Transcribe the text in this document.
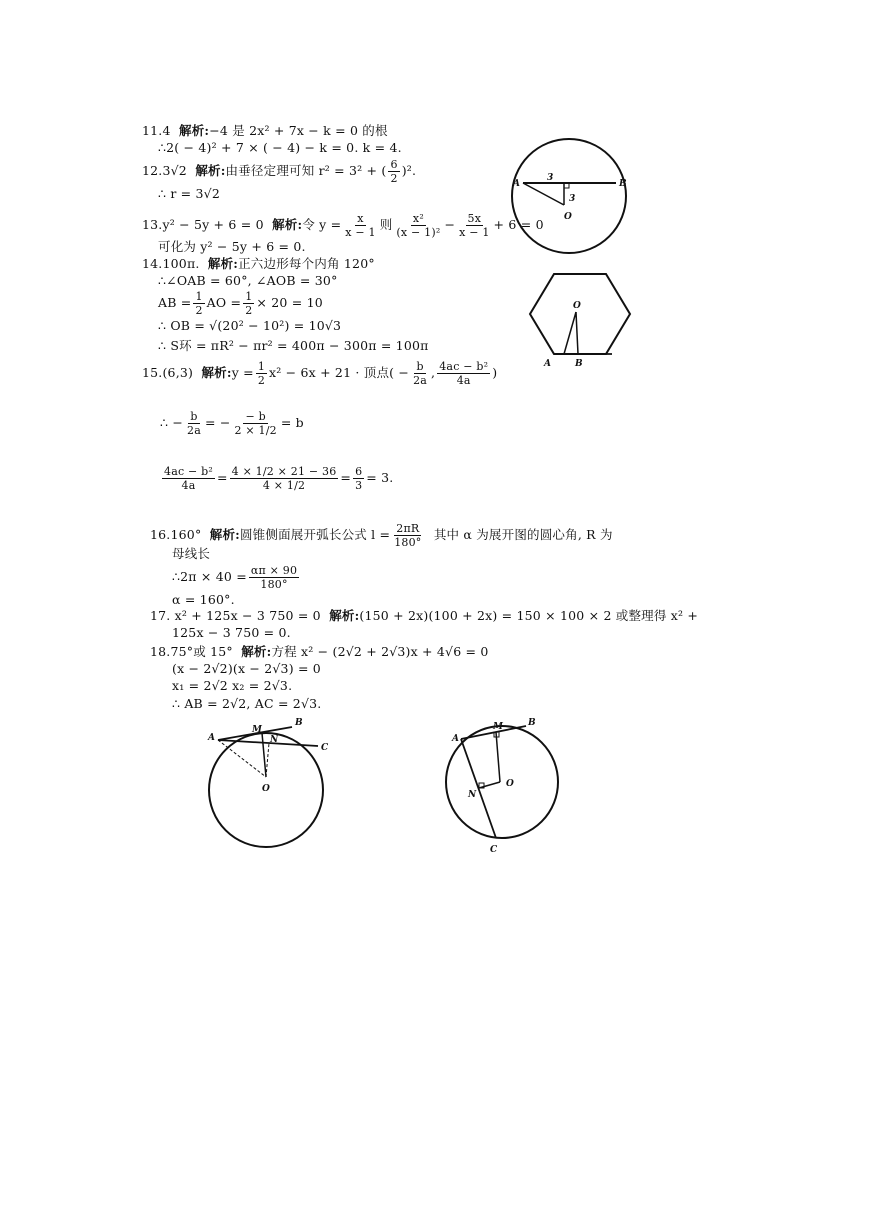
11.4 解析:−4 是 2x² + 7x − k = 0 的根
∴2( − 4)² + 7 × ( − 4) − k = 0. k = 4.
12.3√2 解析:由垂径定理可知 r² = 3² + ( $\frac{6}{2} )^2$.
∴ r = 3√2
13.y² − 5y + 6 = 0 解析:令 $y = \frac{x}{x - 1}$ 则 $\frac{\text{x²}}{\text{(x − 1)²}} - \frac{5x}{x - 1} + 6 = 0$
可化为 y² − 5y + 6 = 0.
14.100π. 解析:正六边形每个内角 120°
∴∠OAB = 60°, ∠AOB = 30°
AB = $\frac{1}{2}$ AO = $\frac{1}{2} \times 20 = 10$
∴ OB = √(20² − 10²) = 10√3
∴ S环 = πR² − πr² = 400π − 300π = 100π
15.(6,3) 解析:y = $\frac{1}{2} x^2 - 6x + 21$ · 顶点( − $\frac{b}{2a}$ , $\frac{\text{4ac − b²}}{4a}$ )
∴ − $\frac{b}{2a}$ = − $\frac{- b}{2 \times 1/2} = b$
$\frac{\text{4ac − b²}}{4a} = \frac{4 \times 1/2 \times 21 - 36}{4 \times 1/2} = \frac{6}{3} = 3$.
16.160° 解析:圆锥侧面展开弧长公式 $l = \frac{2\pi R}{180^\circ}$ 其中 α 为展开图的圆心角, R 为
母线长
∴2π × $40 = \frac{\alpha\pi \times 90}{180^\circ}$
α = 160°.
17. x² + 125x − 3 750 = 0 解析:(150 + 2x)(100 + 2x) = 150 × 100 × 2 或整理得 x² +
125x − 3 750 = 0.
18.75°或 15° 解析:方程 x² − (2√2 + 2√3)x + 4√6 = 0
(x − 2√2)(x − 2√3) = 0
x₁ = 2√2 x₂ = 2√3.
∴ AB = 2√2, AC = 2√3.
A	B
O
3
3
O
A	B
A
B
C
M
N
O
A
B
C
M
N
O
